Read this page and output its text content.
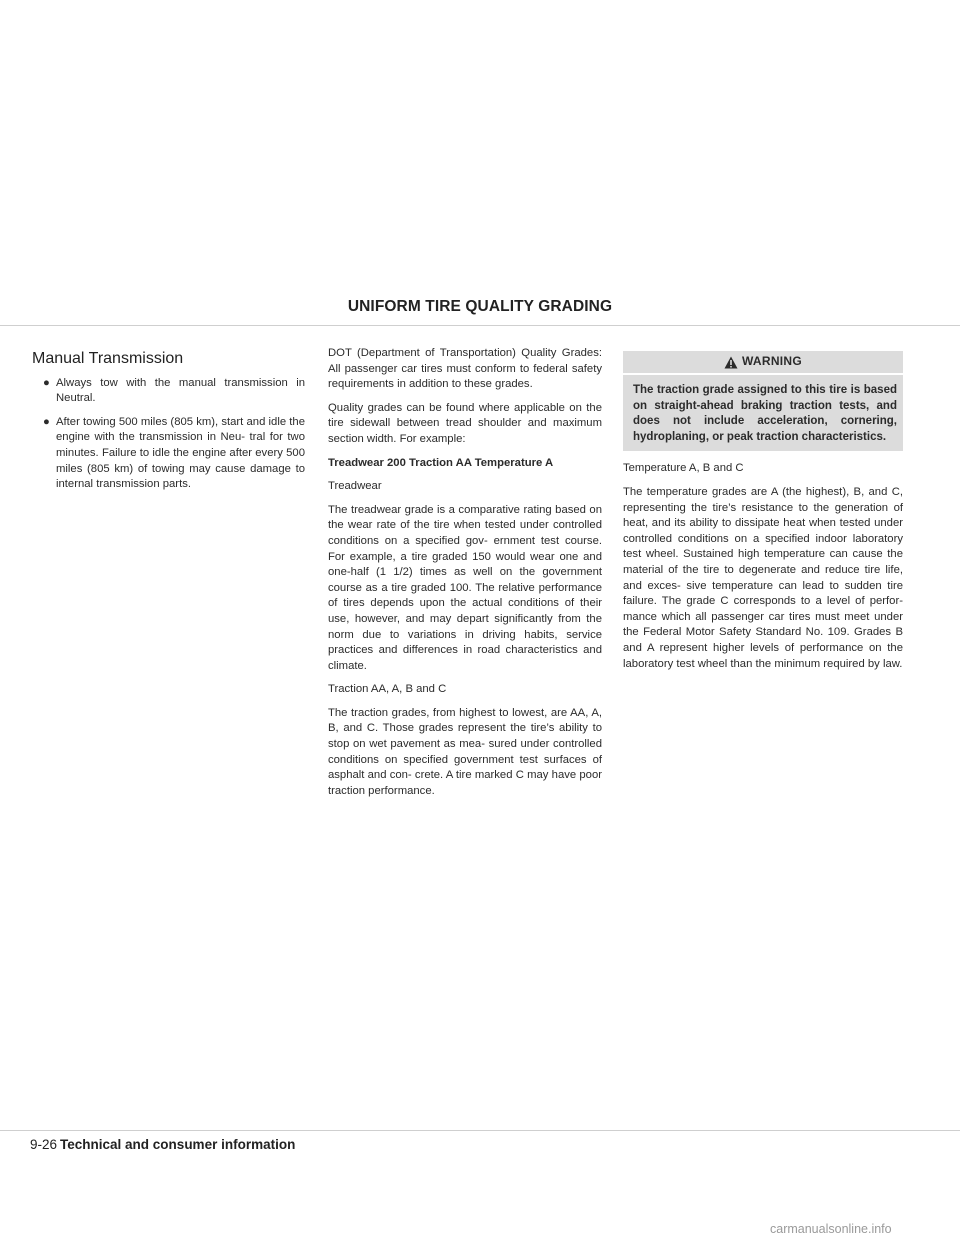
UNIFORM TIRE QUALITY GRADING
Manual Transmission
● Always tow with the manual transmission in Neutral.
● After towing 500 miles (805 km), start and idle the engine with the transmission in Neu- tral for two minutes. Failure to idle the engine after every 500 miles (805 km) of towing may cause damage to internal transmission parts.

DOT (Department of Transportation) Quality Grades: All passenger car tires must conform to federal safety requirements in addition to these grades.

Quality grades can be found where applicable on the tire sidewall between tread shoulder and maximum section width. For example:

Treadwear 200 Traction AA Temperature A

Treadwear

The treadwear grade is a comparative rating based on the wear rate of the tire when tested under controlled conditions on a specified gov- ernment test course. For example, a tire graded 150 would wear one and one-half (1 1/2) times as well on the government course as a tire graded 100. The relative performance of tires depends upon the actual conditions of their use, however, and may depart significantly from the norm due to variations in driving habits, service practices and differences in road characteristics and climate.

Traction AA, A, B and C

The traction grades, from highest to lowest, are AA, A, B, and C. Those grades represent the tire’s ability to stop on wet pavement as mea- sured under controlled conditions on specified government test surfaces of asphalt and con- crete. A tire marked C may have poor traction performance.

WARNING
The traction grade assigned to this tire is based on straight-ahead braking traction tests, and does not include acceleration, cornering, hydroplaning, or peak traction characteristics.

Temperature A, B and C

The temperature grades are A (the highest), B, and C, representing the tire’s resistance to the generation of heat, and its ability to dissipate heat when tested under controlled conditions on a specified indoor laboratory test wheel. Sustained high temperature can cause the material of the tire to degenerate and reduce tire life, and exces- sive temperature can lead to sudden tire failure. The grade C corresponds to a level of perfor- mance which all passenger car tires must meet under the Federal Motor Safety Standard No. 109. Grades B and A represent higher levels of performance on the laboratory test wheel than the minimum required by law.

9-26 Technical and consumer information
carmanualsonline.info
